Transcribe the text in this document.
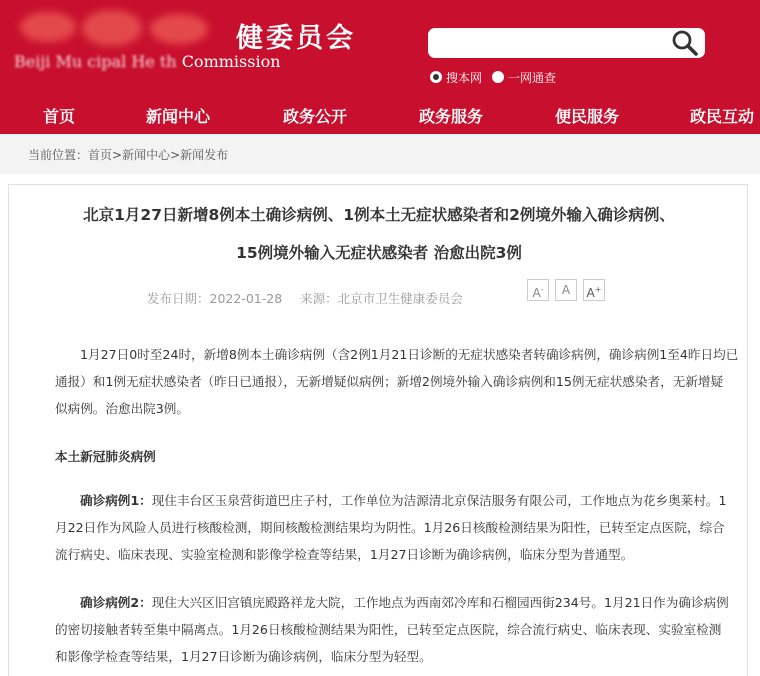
健委员会
Beiji Mu cipal He th Commission
搜本网 一网通查
首页	新闻中心	政务公开	政务服务	便民服务	政民互动
当前位置：首页>新闻中心>新闻发布
北京1月27日新增8例本土确诊病例、1例本土无症状感染者和2例境外输入确诊病例、
15例境外输入无症状感染者 治愈出院3例
发布日期：2022-01-28 来源：北京市卫生健康委员会	A-	A	A+
1月27日0时至24时，新增8例本土确诊病例（含2例1月21日诊断的无症状感染者转确诊病例，确诊病例1至4昨日均已
通报）和1例无症状感染者（昨日已通报），无新增疑似病例；新增2例境外输入确诊病例和15例无症状感染者，无新增疑
似病例。治愈出院3例。
本土新冠肺炎病例
确诊病例1：现住丰台区玉泉营街道巴庄子村，工作单位为洁源清北京保洁服务有限公司，工作地点为花乡奥莱村。1
月22日作为风险人员进行核酸检测，期间核酸检测结果均为阴性。1月26日核酸检测结果为阳性，已转至定点医院，综合
流行病史、临床表现、实验室检测和影像学检查等结果，1月27日诊断为确诊病例，临床分型为普通型。
确诊病例2：现住大兴区旧宫镇庑殿路祥龙大院，工作地点为西南郊冷库和石榴园西街234号。1月21日作为确诊病例
的密切接触者转至集中隔离点。1月26日核酸检测结果为阳性，已转至定点医院，综合流行病史、临床表现、实验室检测
和影像学检查等结果，1月27日诊断为确诊病例，临床分型为轻型。
